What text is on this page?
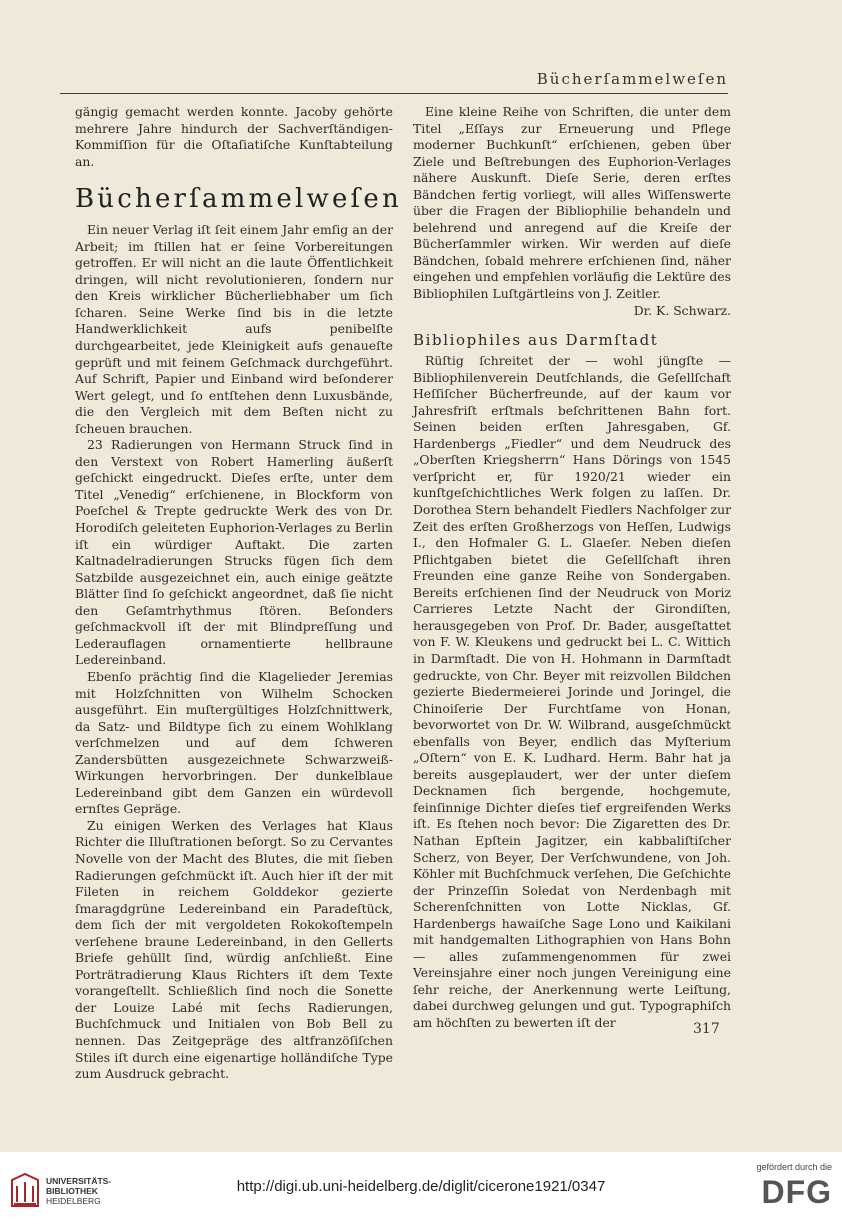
Bücherſammelweſen

gängig gemacht werden konnte. Jacoby gehörte mehrere Jahre hindurch der Sachverſtändigen-Kommiſſion für die Oſtaſiatiſche Kunſtabteilung an.

Bücherſammelweſen

Ein neuer Verlag iſt ſeit einem Jahr emſig an der Arbeit; im ſtillen hat er ſeine Vorbereitungen getroffen. Er will nicht an die laute Öffentlichkeit dringen, will nicht revolutionieren, ſondern nur den Kreis wirklicher Bücherliebhaber um ſich ſcharen. Seine Werke ſind bis in die letzte Handwerklichkeit aufs penibelſte durchgearbeitet, jede Kleinigkeit aufs genaueſte geprüft und mit feinem Geſchmack durchgeführt. Auf Schrift, Papier und Einband wird beſonderer Wert gelegt, und ſo entſtehen denn Luxusbände, die den Vergleich mit dem Beſten nicht zu ſcheuen brauchen.

23 Radierungen von Hermann Struck ſind in den Verstext von Robert Hamerling äußerſt geſchickt eingedruckt. Dieſes erſte, unter dem Titel „Venedig“ erſchienene, in Blockform von Poeſchel & Trepte gedruckte Werk des von Dr. Horodiſch geleiteten Euphorion-Verlages zu Berlin iſt ein würdiger Auftakt. Die zarten Kaltnadelradierungen Strucks fügen ſich dem Satzbilde ausgezeichnet ein, auch einige geätzte Blätter ſind ſo geſchickt angeordnet, daß ſie nicht den Geſamtrhythmus ſtören. Beſonders geſchmackvoll iſt der mit Blindpreſſung und Lederauflagen ornamentierte hellbraune Ledereinband.

Ebenſo prächtig ſind die Klagelieder Jeremias mit Holzſchnitten von Wilhelm Schocken ausgeführt. Ein muſtergültiges Holzſchnittwerk, da Satz- und Bildtype ſich zu einem Wohlklang verſchmelzen und auf dem ſchweren Zandersbütten ausgezeichnete Schwarzweiß-Wirkungen hervorbringen. Der dunkelblaue Ledereinband gibt dem Ganzen ein würdevoll ernſtes Gepräge.

Zu einigen Werken des Verlages hat Klaus Richter die Illuſtrationen beſorgt. So zu Cervantes Novelle von der Macht des Blutes, die mit ſieben Radierungen geſchmückt iſt. Auch hier iſt der mit Fileten in reichem Golddekor gezierte ſmaragdgrüne Ledereinband ein Paradeſtück, dem ſich der mit vergoldeten Rokokoſtempeln verſehene braune Ledereinband, in den Gellerts Briefe gehüllt ſind, würdig anſchließt. Eine Porträtradierung Klaus Richters iſt dem Texte vorangeſtellt. Schließlich ſind noch die Sonette der Louize Labé mit ſechs Radierungen, Buchſchmuck und Initialen von Bob Bell zu nennen. Das Zeitgepräge des altfranzöſiſchen Stiles iſt durch eine eigenartige holländiſche Type zum Ausdruck gebracht.

Eine kleine Reihe von Schriften, die unter dem Titel „Eſſays zur Erneuerung und Pflege moderner Buchkunſt“ erſchienen, geben über Ziele und Beſtrebungen des Euphorion-Verlages nähere Auskunft. Dieſe Serie, deren erſtes Bändchen fertig vorliegt, will alles Wiſſenswerte über die Fragen der Bibliophilie behandeln und belehrend und anregend auf die Kreiſe der Bücherſammler wirken. Wir werden auf dieſe Bändchen, ſobald mehrere erſchienen ſind, näher eingehen und empfehlen vorläufig die Lektüre des Bibliophilen Luſtgärtleins von J. Zeitler.

Dr. K. Schwarz.

Bibliophiles aus Darmſtadt

Rüſtig ſchreitet der — wohl jüngſte — Bibliophilenverein Deutſchlands, die Geſellſchaft Heſſiſcher Bücherfreunde, auf der kaum vor Jahresfriſt erſtmals beſchrittenen Bahn fort. Seinen beiden erſten Jahresgaben, Gf. Hardenbergs „Fiedler“ und dem Neudruck des „Oberſten Kriegsherrn“ Hans Dörings von 1545 verſpricht er, für 1920/21 wieder ein kunſtgeſchichtliches Werk folgen zu laſſen. Dr. Dorothea Stern behandelt Fiedlers Nachfolger zur Zeit des erſten Großherzogs von Heſſen, Ludwigs I., den Hofmaler G. L. Glaeſer. Neben dieſen Pflichtgaben bietet die Geſellſchaft ihren Freunden eine ganze Reihe von Sondergaben. Bereits erſchienen ſind der Neudruck von Moriz Carrieres Letzte Nacht der Girondiſten, herausgegeben von Prof. Dr. Bader, ausgeſtattet von F. W. Kleukens und gedruckt bei L. C. Wittich in Darmſtadt. Die von H. Hohmann in Darmſtadt gedruckte, von Chr. Beyer mit reizvollen Bildchen gezierte Biedermeierei Jorinde und Joringel, die Chinoiſerie Der Furchtſame von Honan, bevorwortet von Dr. W. Wilbrand, ausgeſchmückt ebenfalls von Beyer, endlich das Myſterium „Oſtern“ von E. K. Ludhard. Herm. Bahr hat ja bereits ausgeplaudert, wer der unter dieſem Decknamen ſich bergende, hochgemute, feinſinnige Dichter dieſes tief ergreifenden Werks iſt. Es ſtehen noch bevor: Die Zigaretten des Dr. Nathan Epſtein Jagitzer, ein kabbaliſtiſcher Scherz, von Beyer, Der Verſchwundene, von Joh. Köhler mit Buchſchmuck verſehen, Die Geſchichte der Prinzeſſin Soledat von Nerdenbagh mit Scherenſchnitten von Lotte Nicklas, Gf. Hardenbergs hawaiſche Sage Lono und Kaikilani mit handgemalten Lithographien von Hans Bohn — alles zuſammengenommen für zwei Vereinsjahre einer noch jungen Vereinigung eine ſehr reiche, der Anerkennung werte Leiſtung, dabei durchweg gelungen und gut. Typographiſch am höchſten zu bewerten iſt der	317
UNIVERSITÄTS-
BIBLIOTHEK
HEIDELBERG
http://digi.ub.uni-heidelberg.de/diglit/cicerone1921/0347
gefördert durch die
DFG
